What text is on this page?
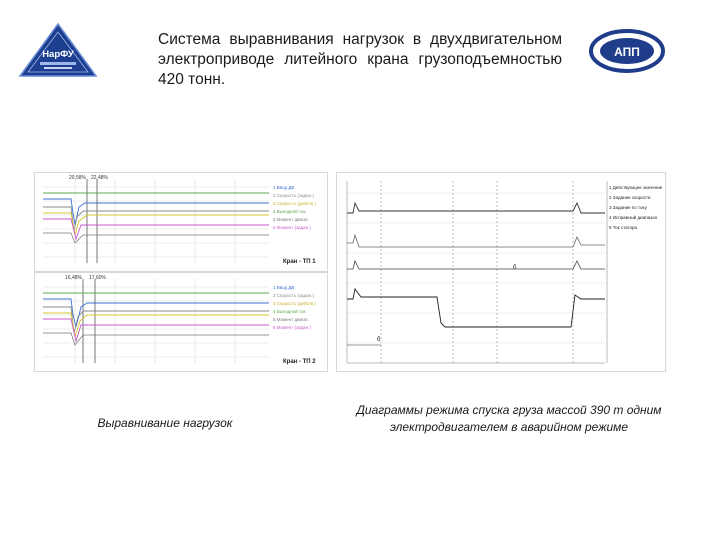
НарФУ
Система выравнивания нагрузок в двухдвигательном электроприводе литейного крана грузоподъемностью 420 тонн.
АПП
20,58% 22,48%
1 Ввод ДВ
2 Скорость (задан.)
3 Скорость (действ.)
4 Выходной ток
5 Момент двигат.
6 Момент (задан.)
Кран - ТП 1
16,48% 17,60%
1 Ввод ДВ
2 Скорость (задан.)
3 Скорость (действ.)
4 Выходной ток
5 Момент двигат.
6 Момент (задан.)
Кран - ТП 2
б
б
1 Действующее значение
2 Задание скорости
3 Задание по току
4 Исправный диапазон
5 Ток статора
Выравнивание нагрузок
Диаграммы режима спуска груза массой 390 т одним электродвигателем в аварийном режиме
